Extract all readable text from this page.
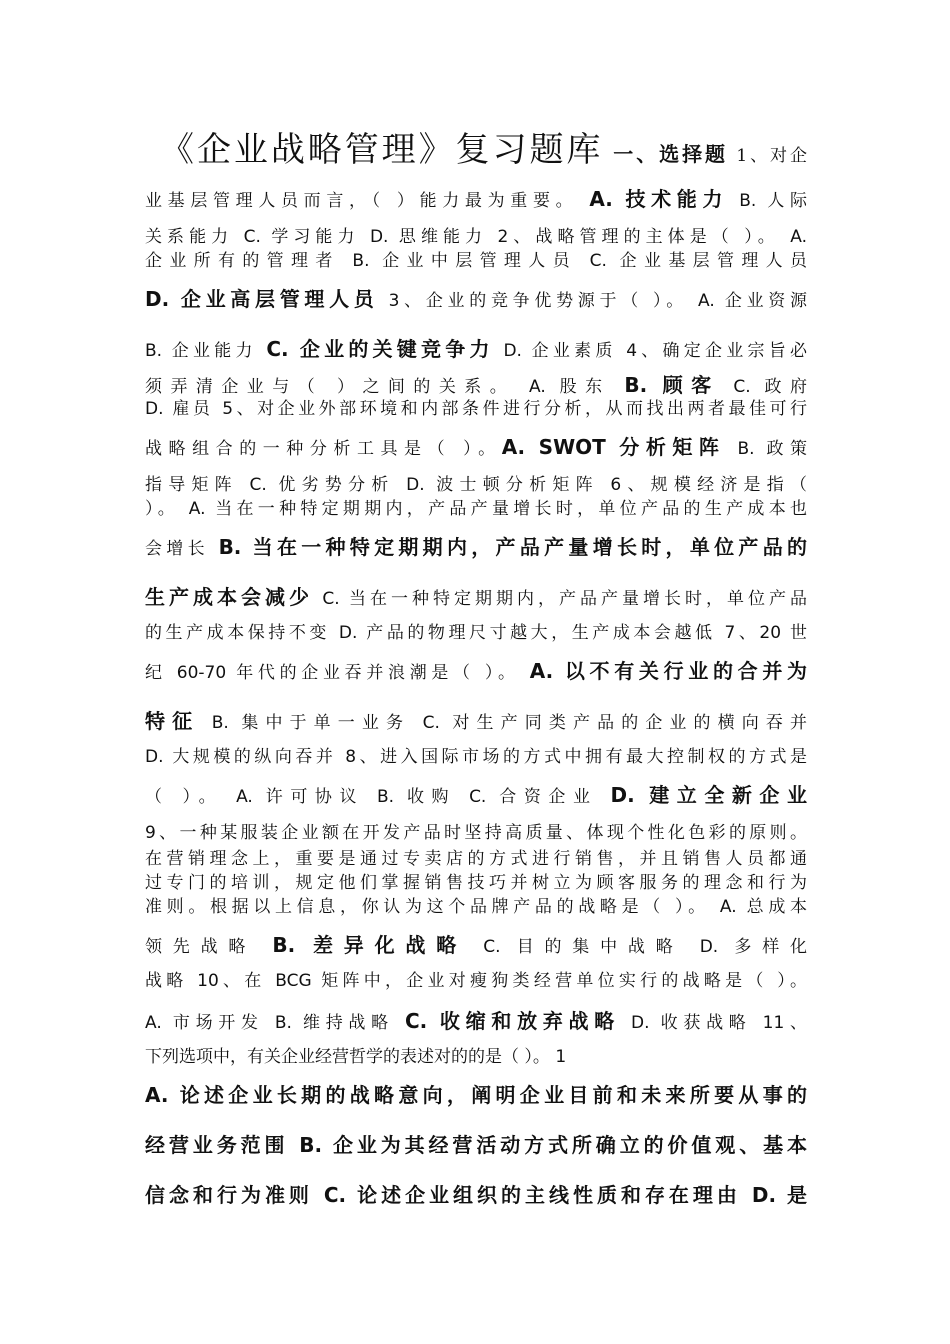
《企业战略管理》复习题库 一、选择题 1、对企
业基层管理人员而言，（ ）能力最为重要。 A. 技术能力 B. 人际
关系能力 C. 学习能力 D. 思维能力 2、战略管理的主体是（ ）。 A.
企业所有的管理者 B. 企业中层管理人员 C. 企业基层管理人员
D. 企业高层管理人员 3、企业的竞争优势源于（ ）。 A. 企业资源
B. 企业能力 C. 企业的关键竞争力 D. 企业素质 4、确定企业宗旨必
须弄清企业与（ ）之间的关系。 A. 股东 B. 顾客 C. 政府
D. 雇员 5、对企业外部环境和内部条件进行分析，从而找出两者最佳可行
战略组合的一种分析工具是（ ）。A. SWOT 分析矩阵 B. 政策
指导矩阵 C. 优劣势分析 D. 波士顿分析矩阵 6、规模经济是指（
）。 A. 当在一种特定期期内，产品产量增长时，单位产品的生产成本也
会增长 B. 当在一种特定期期内，产品产量增长时，单位产品的
生产成本会减少 C. 当在一种特定期期内，产品产量增长时，单位产品
的生产成本保持不变 D. 产品的物理尺寸越大，生产成本会越低 7、20 世
纪 60-70 年代的企业吞并浪潮是（ ）。 A. 以不有关行业的合并为
特征 B. 集中于单一业务 C. 对生产同类产品的企业的横向吞并
D. 大规模的纵向吞并 8、进入国际市场的方式中拥有最大控制权的方式是
（ ）。 A. 许可协议 B. 收购 C. 合资企业 D. 建立全新企业
9、一种某服装企业额在开发产品时坚持高质量、体现个性化色彩的原则。
在营销理念上，重要是通过专卖店的方式进行销售，并且销售人员都通
过专门的培训，规定他们掌握销售技巧并树立为顾客服务的理念和行为
准则。根据以上信息，你认为这个品牌产品的战略是（ ）。 A. 总成本
领先战略 B. 差异化战略 C. 目的集中战略 D. 多样化
战略 10、在 BCG 矩阵中，企业对瘦狗类经营单位实行的战略是（ ）。
A. 市场开发 B. 维持战略 C. 收缩和放弃战略 D. 收获战略 11、
下列选项中，有关企业经营哲学的表述对的的是（ ）。 1
A. 论述企业长期的战略意向，阐明企业目前和未来所要从事的
经营业务范围 B. 企业为其经营活动方式所确立的价值观、基本
信念和行为准则 C. 论述企业组织的主线性质和存在理由 D. 是
